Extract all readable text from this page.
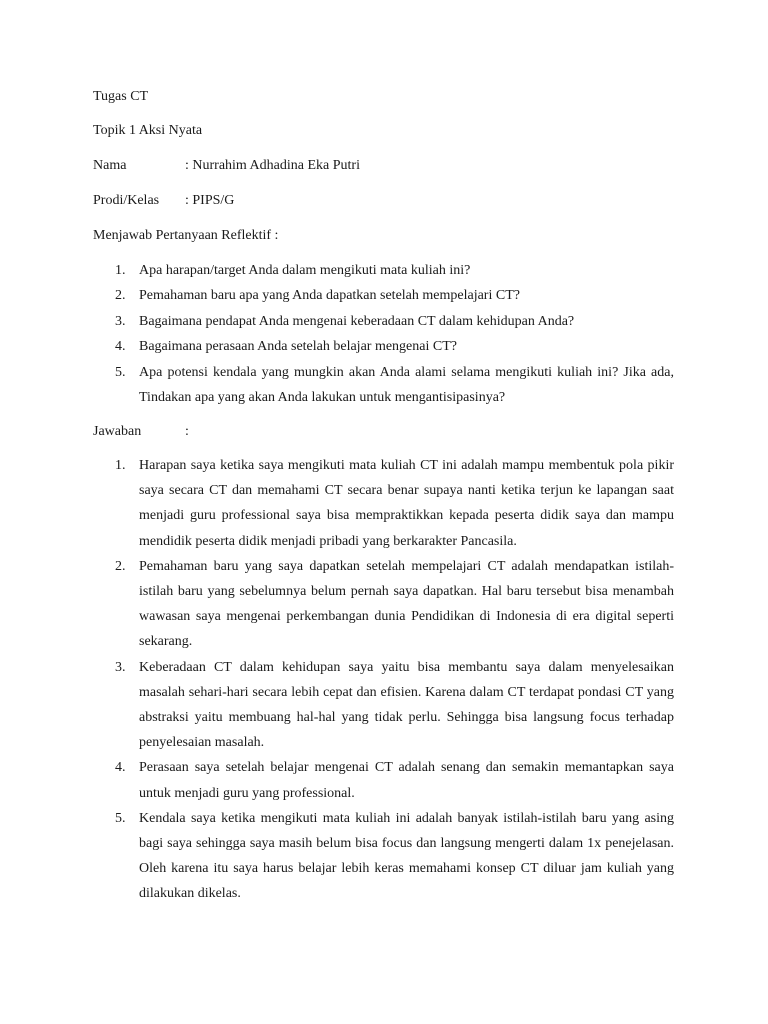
Tugas CT
Topik 1 Aksi Nyata
Nama	: Nurrahim Adhadina Eka Putri
Prodi/Kelas : PIPS/G
Menjawab Pertanyaan Reflektif :
1. Apa harapan/target Anda dalam mengikuti mata kuliah ini?
2. Pemahaman baru apa yang Anda dapatkan setelah mempelajari CT?
3. Bagaimana pendapat Anda mengenai keberadaan CT dalam kehidupan Anda?
4. Bagaimana perasaan Anda setelah belajar mengenai CT?
5. Apa potensi kendala yang mungkin akan Anda alami selama mengikuti kuliah ini? Jika ada, Tindakan apa yang akan Anda lakukan untuk mengantisipasinya?
Jawaban	:
1. Harapan saya ketika saya mengikuti mata kuliah CT ini adalah mampu membentuk pola pikir saya secara CT dan memahami CT secara benar supaya nanti ketika terjun ke lapangan saat menjadi guru professional saya bisa mempraktikkan kepada peserta didik saya dan mampu mendidik peserta didik menjadi pribadi yang berkarakter Pancasila.
2. Pemahaman baru yang saya dapatkan setelah mempelajari CT adalah mendapatkan istilah-istilah baru yang sebelumnya belum pernah saya dapatkan. Hal baru tersebut bisa menambah wawasan saya mengenai perkembangan dunia Pendidikan di Indonesia di era digital seperti sekarang.
3. Keberadaan CT dalam kehidupan saya yaitu bisa membantu saya dalam menyelesaikan masalah sehari-hari secara lebih cepat dan efisien. Karena dalam CT terdapat pondasi CT yang abstraksi yaitu membuang hal-hal yang tidak perlu. Sehingga bisa langsung focus terhadap penyelesaian masalah.
4. Perasaan saya setelah belajar mengenai CT adalah senang dan semakin memantapkan saya untuk menjadi guru yang professional.
5. Kendala saya ketika mengikuti mata kuliah ini adalah banyak istilah-istilah baru yang asing bagi saya sehingga saya masih belum bisa focus dan langsung mengerti dalam 1x penejelasan. Oleh karena itu saya harus belajar lebih keras memahami konsep CT diluar jam kuliah yang dilakukan dikelas.
